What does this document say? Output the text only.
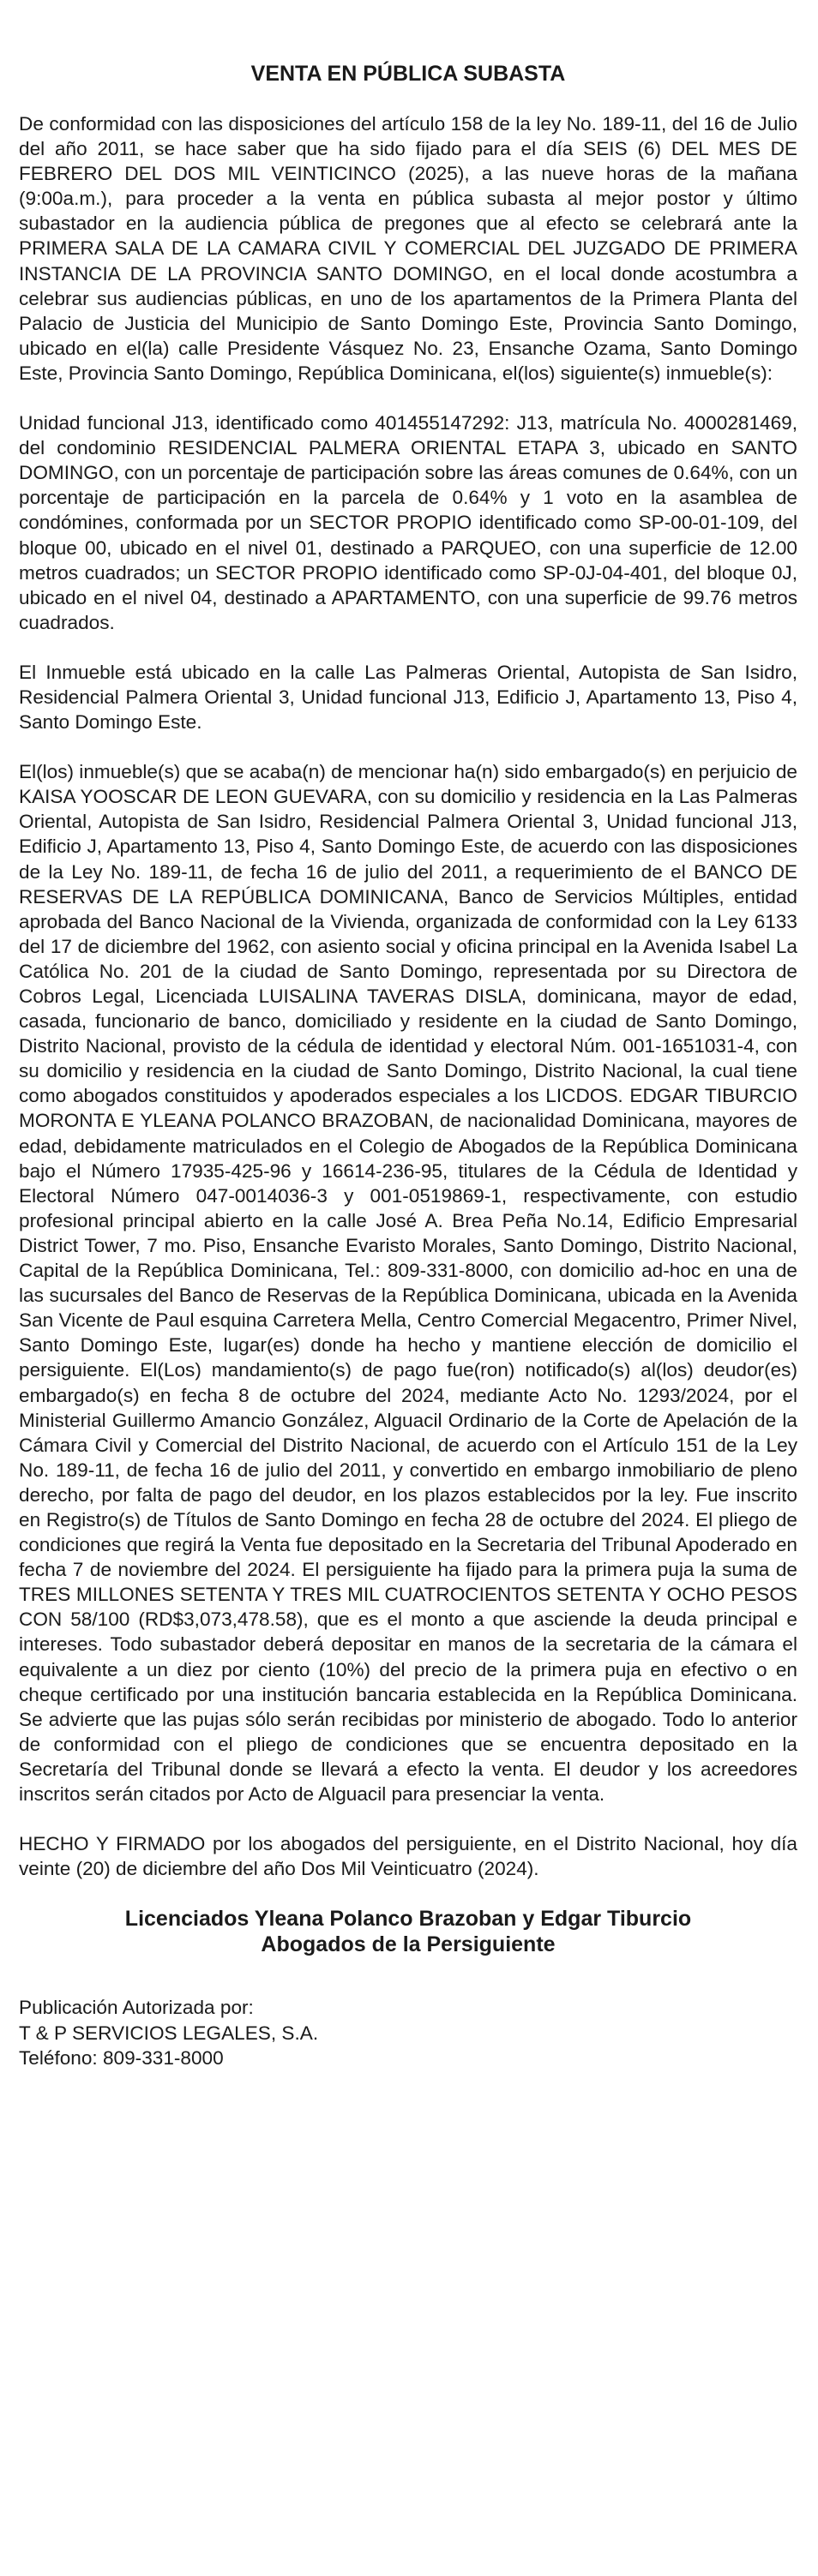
VENTA EN PÚBLICA SUBASTA

De conformidad con las disposiciones del artículo 158 de la ley No. 189-11, del 16 de Julio del año 2011, se hace saber que ha sido fijado para el día SEIS (6) DEL MES DE FEBRERO DEL DOS MIL VEINTICINCO (2025), a las nueve horas de la mañana (9:00a.m.), para proceder a la venta en pública subasta al mejor postor y último subastador en la audiencia pública de pregones que al efecto se celebrará ante la PRIMERA SALA DE LA CAMARA CIVIL Y COMERCIAL DEL JUZGADO DE PRIMERA INSTANCIA DE LA PROVINCIA SANTO DOMINGO, en el local donde acostumbra a celebrar sus audiencias públicas, en uno de los apartamentos de la Primera Planta del Palacio de Justicia del Municipio de Santo Domingo Este, Provincia Santo Domingo, ubicado en el(la) calle Presidente Vásquez No. 23, Ensanche Ozama, Santo Domingo Este, Provincia Santo Domingo, República Dominicana, el(los) siguiente(s) inmueble(s):

Unidad funcional J13, identificado como 401455147292: J13, matrícula No. 4000281469, del condominio RESIDENCIAL PALMERA ORIENTAL ETAPA 3, ubicado en SANTO DOMINGO, con un porcentaje de participación sobre las áreas comunes de 0.64%, con un porcentaje de participación en la parcela de 0.64% y 1 voto en la asamblea de condómines, conformada por un SECTOR PROPIO identificado como SP-00-01-109, del bloque 00, ubicado en el nivel 01, destinado a PARQUEO, con una superficie de 12.00 metros cuadrados; un SECTOR PROPIO identificado como SP-0J-04-401, del bloque 0J, ubicado en el nivel 04, destinado a APARTAMENTO, con una superficie de 99.76 metros cuadrados.

El Inmueble está ubicado en la calle Las Palmeras Oriental, Autopista de San Isidro, Residencial Palmera Oriental 3, Unidad funcional J13, Edificio J, Apartamento 13, Piso 4, Santo Domingo Este.

El(los) inmueble(s) que se acaba(n) de mencionar ha(n) sido embargado(s) en perjuicio de KAISA YOOSCAR DE LEON GUEVARA, con su domicilio y residencia en la Las Palmeras Oriental, Autopista de San Isidro, Residencial Palmera Oriental 3, Unidad funcional J13, Edificio J, Apartamento 13, Piso 4, Santo Domingo Este, de acuerdo con las disposiciones de la Ley No. 189-11, de fecha 16 de julio del 2011, a requerimiento de el BANCO DE RESERVAS DE LA REPÚBLICA DOMINICANA, Banco de Servicios Múltiples, entidad aprobada del Banco Nacional de la Vivienda, organizada de conformidad con la Ley 6133 del 17 de diciembre del 1962, con asiento social y oficina principal en la Avenida Isabel La Católica No. 201 de la ciudad de Santo Domingo, representada por su Directora de Cobros Legal, Licenciada LUISALINA TAVERAS DISLA, dominicana, mayor de edad, casada, funcionario de banco, domiciliado y residente en la ciudad de Santo Domingo, Distrito Nacional, provisto de la cédula de identidad y electoral Núm. 001-1651031-4, con su domicilio y residencia en la ciudad de Santo Domingo, Distrito Nacional, la cual tiene como abogados constituidos y apoderados especiales a los LICDOS. EDGAR TIBURCIO MORONTA E YLEANA POLANCO BRAZOBAN, de nacionalidad Dominicana, mayores de edad, debidamente matriculados en el Colegio de Abogados de la República Dominicana bajo el Número 17935-425-96 y 16614-236-95, titulares de la Cédula de Identidad y Electoral Número 047-0014036-3 y 001-0519869-1, respectivamente, con estudio profesional principal abierto en la calle José A. Brea Peña No.14, Edificio Empresarial District Tower, 7 mo. Piso, Ensanche Evaristo Morales, Santo Domingo, Distrito Nacional, Capital de la República Dominicana, Tel.: 809-331-8000, con domicilio ad-hoc en una de las sucursales del Banco de Reservas de la República Dominicana, ubicada en la Avenida San Vicente de Paul esquina Carretera Mella, Centro Comercial Megacentro, Primer Nivel, Santo Domingo Este, lugar(es) donde ha hecho y mantiene elección de domicilio el persiguiente. El(Los) mandamiento(s) de pago fue(ron) notificado(s) al(los) deudor(es) embargado(s) en fecha 8 de octubre del 2024, mediante Acto No. 1293/2024, por el Ministerial Guillermo Amancio González, Alguacil Ordinario de la Corte de Apelación de la Cámara Civil y Comercial del Distrito Nacional, de acuerdo con el Artículo 151 de la Ley No. 189-11, de fecha 16 de julio del 2011, y convertido en embargo inmobiliario de pleno derecho, por falta de pago del deudor, en los plazos establecidos por la ley. Fue inscrito en Registro(s) de Títulos de Santo Domingo en fecha 28 de octubre del 2024. El pliego de condiciones que regirá la Venta fue depositado en la Secretaria del Tribunal Apoderado en fecha 7 de noviembre del 2024. El persiguiente ha fijado para la primera puja la suma de TRES MILLONES SETENTA Y TRES MIL CUATROCIENTOS SETENTA Y OCHO PESOS CON 58/100 (RD$3,073,478.58), que es el monto a que asciende la deuda principal e intereses. Todo subastador deberá depositar en manos de la secretaria de la cámara el equivalente a un diez por ciento (10%) del precio de la primera puja en efectivo o en cheque certificado por una institución bancaria establecida en la República Dominicana. Se advierte que las pujas sólo serán recibidas por ministerio de abogado. Todo lo anterior de conformidad con el pliego de condiciones que se encuentra depositado en la Secretaría del Tribunal donde se llevará a efecto la venta. El deudor y los acreedores inscritos serán citados por Acto de Alguacil para presenciar la venta.

HECHO Y FIRMADO por los abogados del persiguiente, en el Distrito Nacional, hoy día veinte (20) de diciembre del año Dos Mil Veinticuatro (2024).

Licenciados Yleana Polanco Brazoban y Edgar Tiburcio
Abogados de la Persiguiente
Publicación Autorizada por:
T & P SERVICIOS LEGALES, S.A.
Teléfono: 809-331-8000
